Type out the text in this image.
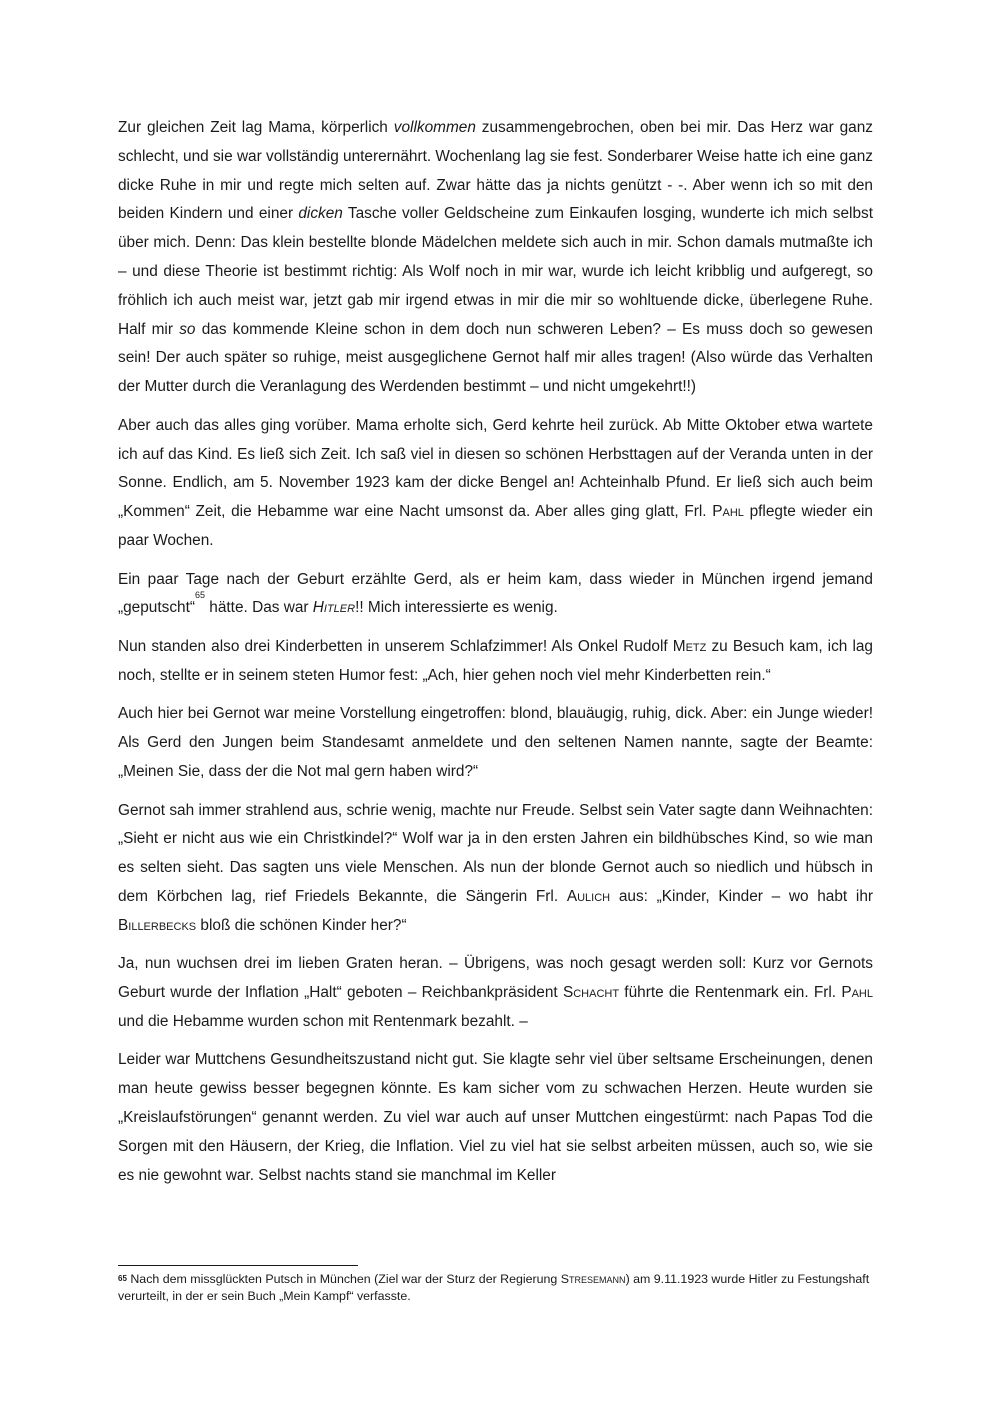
Zur gleichen Zeit lag Mama, körperlich vollkommen zusammengebrochen, oben bei mir. Das Herz war ganz schlecht, und sie war vollständig unterernährt. Wochenlang lag sie fest. Sonderbarer Weise hatte ich eine ganz dicke Ruhe in mir und regte mich selten auf. Zwar hätte das ja nichts genützt - -. Aber wenn ich so mit den beiden Kindern und einer dicken Tasche voller Geldscheine zum Einkaufen losging, wunderte ich mich selbst über mich. Denn: Das klein bestellte blonde Mädelchen meldete sich auch in mir. Schon damals mutmaßte ich – und diese Theorie ist bestimmt richtig: Als Wolf noch in mir war, wurde ich leicht kribblig und aufgeregt, so fröhlich ich auch meist war, jetzt gab mir irgend etwas in mir die mir so wohltuende dicke, überlegene Ruhe. Half mir so das kommende Kleine schon in dem doch nun schweren Leben? – Es muss doch so gewesen sein! Der auch später so ruhige, meist ausgeglichene Gernot half mir alles tragen! (Also würde das Verhalten der Mutter durch die Veranlagung des Werdenden bestimmt – und nicht umgekehrt!!)

Aber auch das alles ging vorüber. Mama erholte sich, Gerd kehrte heil zurück. Ab Mitte Oktober etwa wartete ich auf das Kind. Es ließ sich Zeit. Ich saß viel in diesen so schönen Herbsttagen auf der Veranda unten in der Sonne. Endlich, am 5. November 1923 kam der dicke Bengel an! Achteinhalb Pfund. Er ließ sich auch beim „Kommen“ Zeit, die Hebamme war eine Nacht umsonst da. Aber alles ging glatt, Frl. Pahl pflegte wieder ein paar Wochen.

Ein paar Tage nach der Geburt erzählte Gerd, als er heim kam, dass wieder in München irgend jemand „geputscht“$^{65}$ hätte. Das war Hitler!! Mich interessierte es wenig.

Nun standen also drei Kinderbetten in unserem Schlafzimmer! Als Onkel Rudolf Metz zu Besuch kam, ich lag noch, stellte er in seinem steten Humor fest: „Ach, hier gehen noch viel mehr Kinderbetten rein.“

Auch hier bei Gernot war meine Vorstellung eingetroffen: blond, blauäugig, ruhig, dick. Aber: ein Junge wieder! Als Gerd den Jungen beim Standesamt anmeldete und den seltenen Namen nannte, sagte der Beamte: „Meinen Sie, dass der die Not mal gern haben wird?“

Gernot sah immer strahlend aus, schrie wenig, machte nur Freude. Selbst sein Vater sagte dann Weihnachten: „Sieht er nicht aus wie ein Christkindel?“ Wolf war ja in den ersten Jahren ein bildhübsches Kind, so wie man es selten sieht. Das sagten uns viele Menschen. Als nun der blonde Gernot auch so niedlich und hübsch in dem Körbchen lag, rief Friedels Bekannte, die Sängerin Frl. Aulich aus: „Kinder, Kinder – wo habt ihr Billerbecks bloß die schönen Kinder her?“

Ja, nun wuchsen drei im lieben Graten heran. – Übrigens, was noch gesagt werden soll: Kurz vor Gernots Geburt wurde der Inflation „Halt“ geboten – Reichbankpräsident Schacht führte die Rentenmark ein. Frl. Pahl und die Hebamme wurden schon mit Rentenmark bezahlt. –

Leider war Muttchens Gesundheitszustand nicht gut. Sie klagte sehr viel über seltsame Erscheinungen, denen man heute gewiss besser begegnen könnte. Es kam sicher vom zu schwachen Herzen. Heute wurden sie „Kreislaufstörungen“ genannt werden. Zu viel war auch auf unser Muttchen eingestürmt: nach Papas Tod die Sorgen mit den Häusern, der Krieg, die Inflation. Viel zu viel hat sie selbst arbeiten müssen, auch so, wie sie es nie gewohnt war. Selbst nachts stand sie manchmal im Keller

$^{65}$ Nach dem missglückten Putsch in München (Ziel war der Sturz der Regierung Stresemann) am 9.11.1923 wurde Hitler zu Festungshaft verurteilt, in der er sein Buch „Mein Kampf“ verfasste.
